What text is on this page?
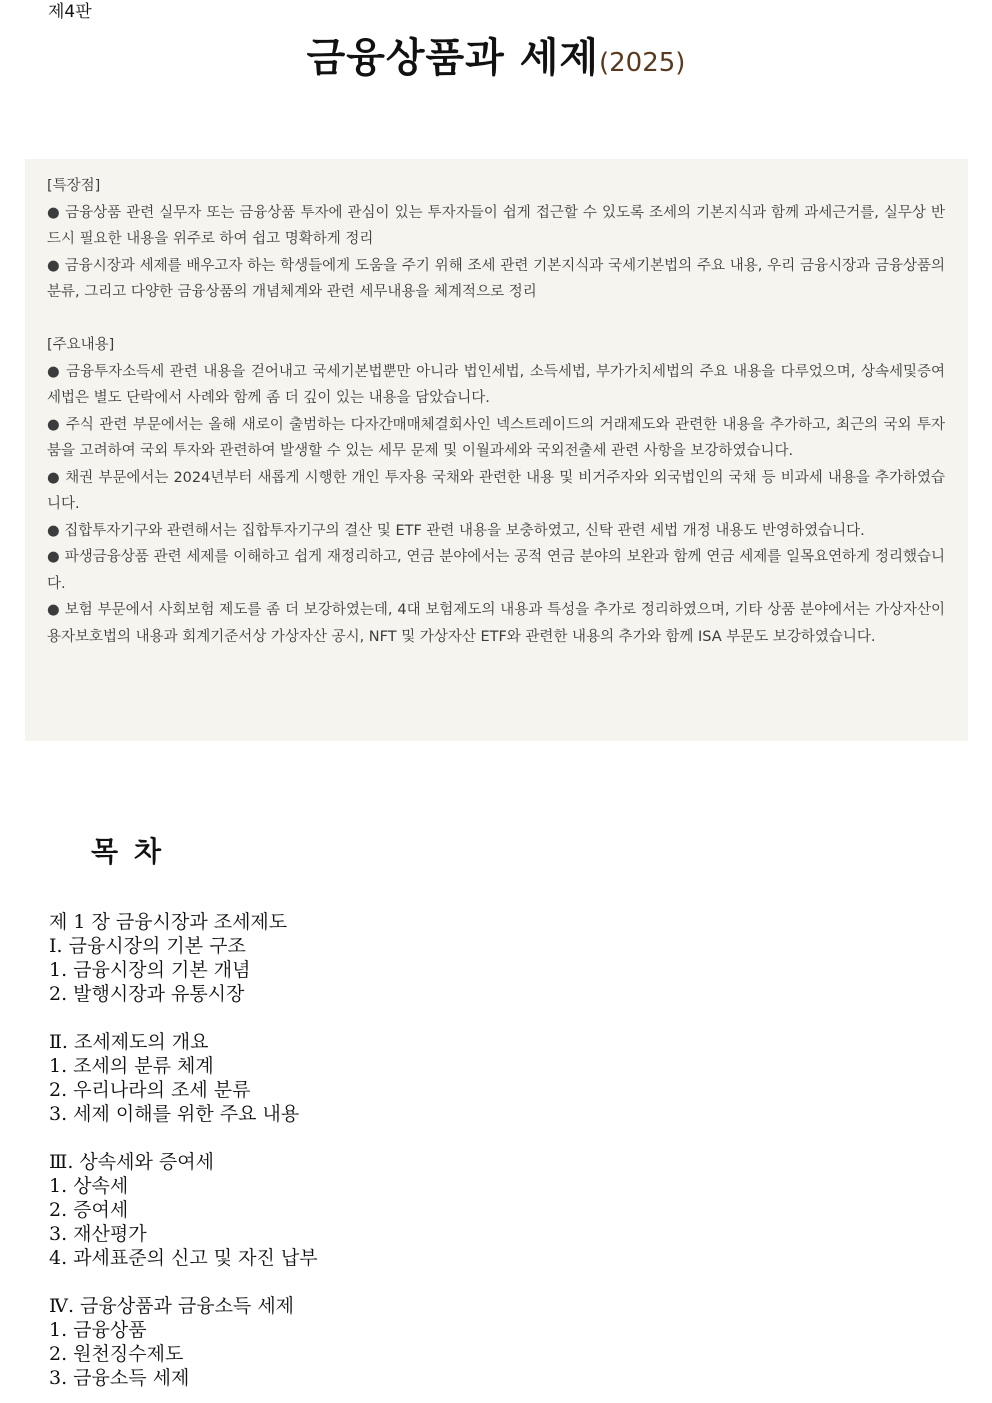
제4판
금융상품과 세제(2025)

[특장점]

● 금융상품 관련 실무자 또는 금융상품 투자에 관심이 있는 투자자들이 쉽게 접근할 수 있도록 조세의 기본지식과 함께 과세근거를, 실무상 반드시 필요한 내용을 위주로 하여 쉽고 명확하게 정리

● 금융시장과 세제를 배우고자 하는 학생들에게 도움을 주기 위해 조세 관련 기본지식과 국세기본법의 주요 내용, 우리 금융시장과 금융상품의 분류, 그리고 다양한 금융상품의 개념체계와 관련 세무내용을 체계적으로 정리

[주요내용]

● 금융투자소득세 관련 내용을 걷어내고 국세기본법뿐만 아니라 법인세법, 소득세법, 부가가치세법의 주요 내용을 다루었으며, 상속세및증여세법은 별도 단락에서 사례와 함께 좀 더 깊이 있는 내용을 담았습니다.

● 주식 관련 부문에서는 올해 새로이 출범하는 다자간매매체결회사인 넥스트레이드의 거래제도와 관련한 내용을 추가하고, 최근의 국외 투자 붐을 고려하여 국외 투자와 관련하여 발생할 수 있는 세무 문제 및 이월과세와 국외전출세 관련 사항을 보강하였습니다.

● 채권 부문에서는 2024년부터 새롭게 시행한 개인 투자용 국채와 관련한 내용 및 비거주자와 외국법인의 국채 등 비과세 내용을 추가하였습니다.

● 집합투자기구와 관련해서는 집합투자기구의 결산 및 ETF 관련 내용을 보충하였고, 신탁 관련 세법 개정 내용도 반영하였습니다.

● 파생금융상품 관련 세제를 이해하고 쉽게 재정리하고, 연금 분야에서는 공적 연금 분야의 보완과 함께 연금 세제를 일목요연하게 정리했습니다.

● 보험 부문에서 사회보험 제도를 좀 더 보강하였는데, 4대 보험제도의 내용과 특성을 추가로 정리하였으며, 기타 상품 분야에서는 가상자산이용자보호법의 내용과 회계기준서상 가상자산 공시, NFT 및 가상자산 ETF와 관련한 내용의 추가와 함께 ISA 부문도 보강하였습니다.

목차
제 1 장 금융시장과 조세제도
Ⅰ. 금융시장의 기본 구조
1. 금융시장의 기본 개념
2. 발행시장과 유통시장
Ⅱ. 조세제도의 개요
1. 조세의 분류 체계
2. 우리나라의 조세 분류
3. 세제 이해를 위한 주요 내용
Ⅲ. 상속세와 증여세
1. 상속세
2. 증여세
3. 재산평가
4. 과세표준의 신고 및 자진 납부
Ⅳ. 금융상품과 금융소득 세제
1. 금융상품
2. 원천징수제도
3. 금융소득 세제
